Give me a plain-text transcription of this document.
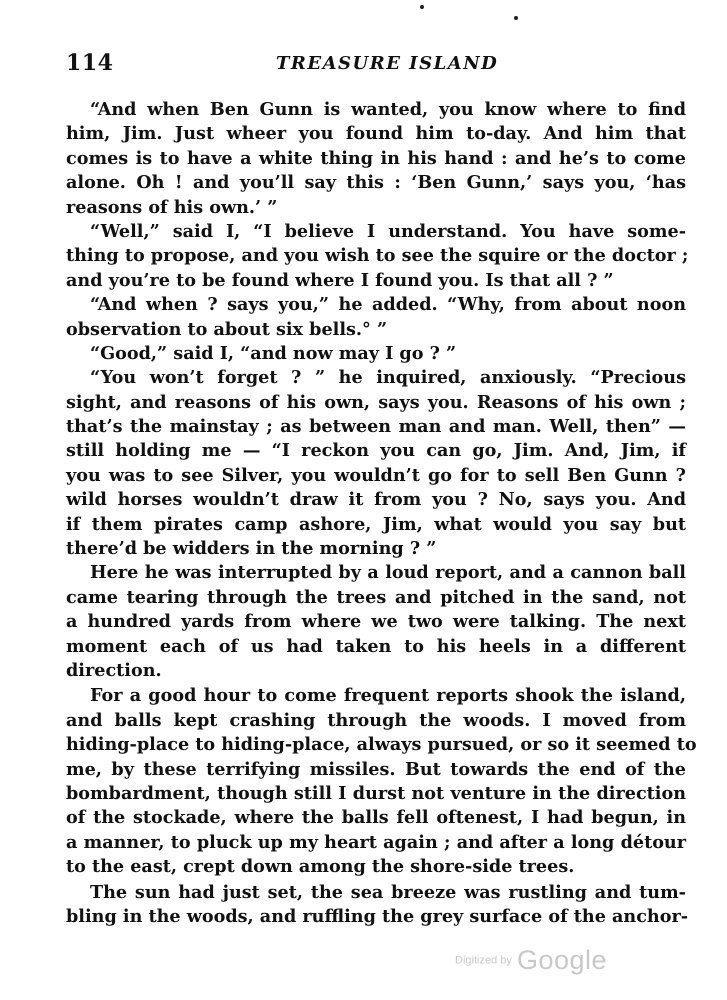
114	TREASURE ISLAND
“And when Ben Gunn is wanted, you know where to find
him, Jim. Just wheer you found him to-day. And him that
comes is to have a white thing in his hand : and he’s to come
alone. Oh ! and you’ll say this : ‘Ben Gunn,’ says you, ‘has
reasons of his own.’ ”
“Well,” said I, “I believe I understand. You have some-
thing to propose, and you wish to see the squire or the doctor ;
and you’re to be found where I found you. Is that all ? ”
“And when ? says you,” he added. “Why, from about noon
observation to about six bells.° ”
“Good,” said I, “and now may I go ? ”
“You won’t forget ? ” he inquired, anxiously. “Precious
sight, and reasons of his own, says you. Reasons of his own ;
that’s the mainstay ; as between man and man. Well, then” —
still holding me — “I reckon you can go, Jim. And, Jim, if
you was to see Silver, you wouldn’t go for to sell Ben Gunn ?
wild horses wouldn’t draw it from you ? No, says you. And
if them pirates camp ashore, Jim, what would you say but
there’d be widders in the morning ? ”
Here he was interrupted by a loud report, and a cannon ball
came tearing through the trees and pitched in the sand, not
a hundred yards from where we two were talking. The next
moment each of us had taken to his heels in a different
direction.
For a good hour to come frequent reports shook the island,
and balls kept crashing through the woods. I moved from
hiding-place to hiding-place, always pursued, or so it seemed to
me, by these terrifying missiles. But towards the end of the
bombardment, though still I durst not venture in the direction
of the stockade, where the balls fell oftenest, I had begun, in
a manner, to pluck up my heart again ; and after a long détour
to the east, crept down among the shore-side trees.
The sun had just set, the sea breeze was rustling and tum-
bling in the woods, and ruffling the grey surface of the anchor-
Digitized by Google
